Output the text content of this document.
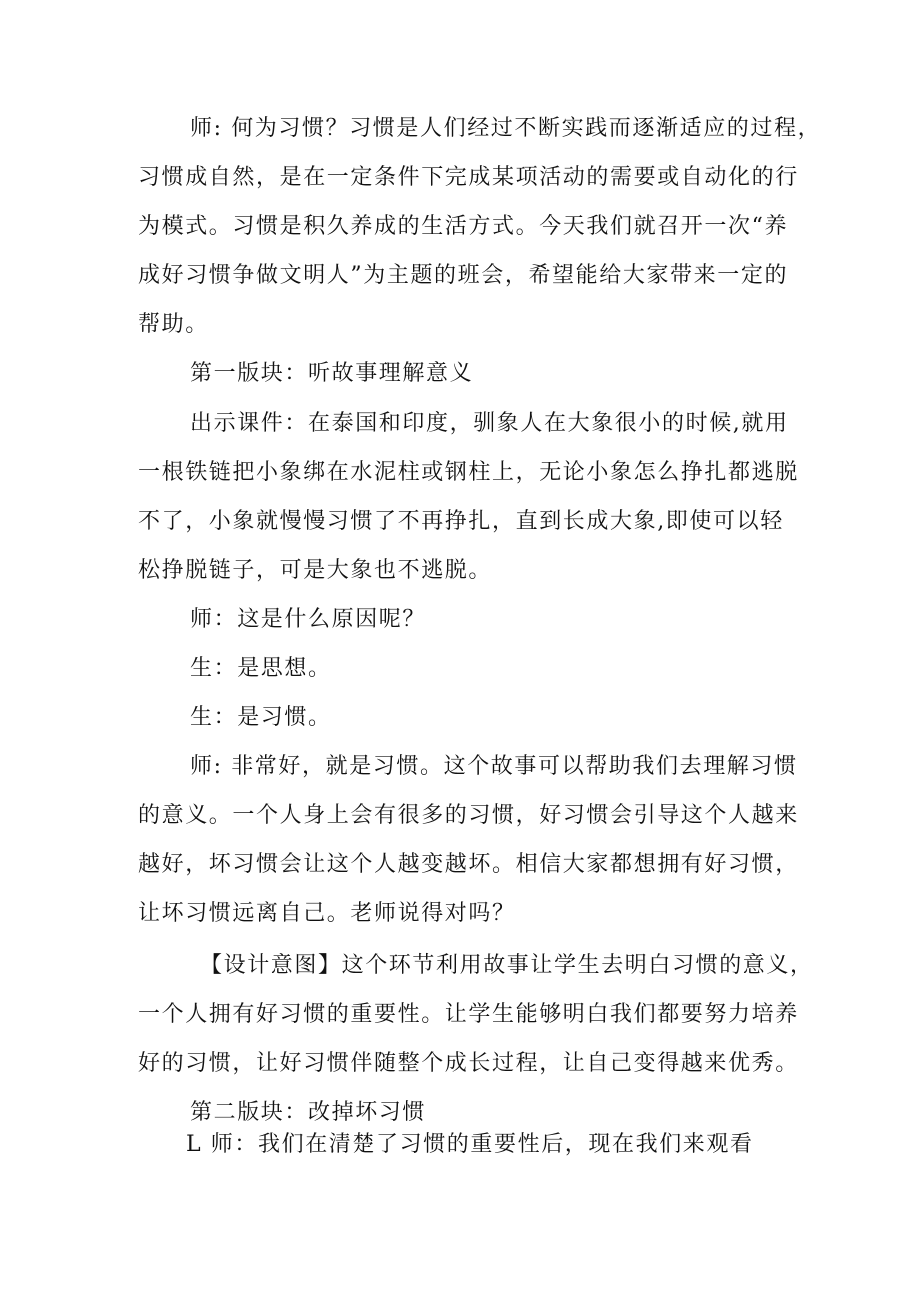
师: 何为习惯？习惯是人们经过不断实践而逐渐适应的过程，
习惯成自然，是在一定条件下完成某项活动的需要或自动化的行
为模式。习惯是积久养成的生活方式。今天我们就召开一次“养
成好习惯争做文明人”为主题的班会，希望能给大家带来一定的
帮助。
第一版块：听故事理解意义
出示课件：在泰国和印度，驯象人在大象很小的时候,就用
一根铁链把小象绑在水泥柱或钢柱上，无论小象怎么挣扎都逃脱
不了，小象就慢慢习惯了不再挣扎，直到长成大象,即使可以轻
松挣脱链子，可是大象也不逃脱。
师：这是什么原因呢？
生：是思想。
生：是习惯。
师: 非常好，就是习惯。这个故事可以帮助我们去理解习惯
的意义。一个人身上会有很多的习惯，好习惯会引导这个人越来
越好，坏习惯会让这个人越变越坏。相信大家都想拥有好习惯，
让坏习惯远离自己。老师说得对吗？
【设计意图】这个环节利用故事让学生去明白习惯的意义，
一个人拥有好习惯的重要性。让学生能够明白我们都要努力培养
好的习惯，让好习惯伴随整个成长过程，让自己变得越来优秀。
第二版块：改掉坏习惯
L 师：我们在清楚了习惯的重要性后，现在我们来观看
